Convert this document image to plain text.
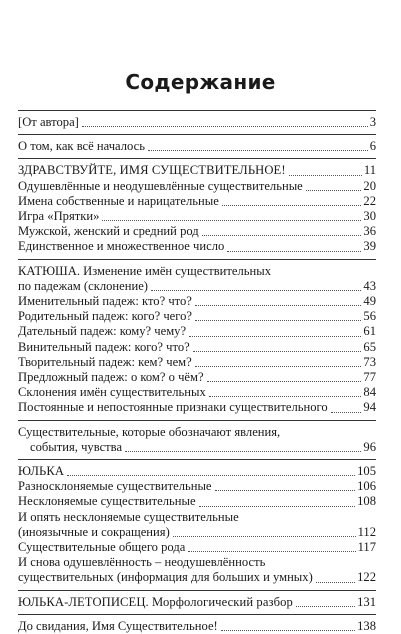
Содержание
[От автора]	3
О том, как всё началось	6
ЗДРАВСТВУЙТЕ, ИМЯ СУЩЕСТВИТЕЛЬНОЕ!	11
Одушевлённые и неодушевлённые существительные	20
Имена собственные и нарицательные	22
Игра «Прятки»	30
Мужской, женский и средний род	36
Единственное и множественное число	39
КАТЮША. Изменение имён существительных
по падежам (склонение)	43
Именительный падеж: кто? что?	49
Родительный падеж: кого? чего?	56
Дательный падеж: кому? чему?	61
Винительный падеж: кого? что?	65
Творительный падеж: кем? чем?	73
Предложный падеж: о ком? о чём?	77
Склонения имён существительных	84
Постоянные и непостоянные признаки существительного	94
Существительные, которые обозначают явления,
события, чувства	96
ЮЛЬКА	105
Разносклоняемые существительные	106
Несклоняемые существительные	108
И опять несклоняемые существительные
(иноязычные и сокращения)	112
Существительные общего рода	117
И снова одушевлённость – неодушевлённость
существительных (информация для больших и умных)	122
ЮЛЬКА-ЛЕТОПИСЕЦ. Морфологический разбор	131
До свидания, Имя Существительное!	138
